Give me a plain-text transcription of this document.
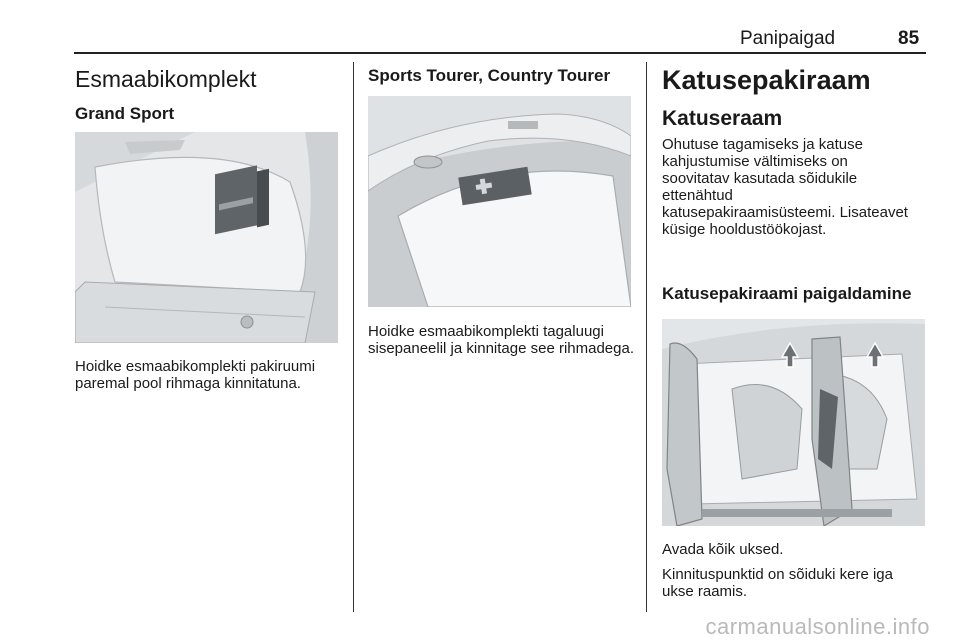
Panipaigad	85
Esmaabikomplekt
Grand Sport

Hoidke esmaabikomplekti pakiruumi paremal pool rihmaga kinnitatuna.

Sports Tourer, Country Tourer

Hoidke esmaabikomplekti tagaluugi sisepaneelil ja kinnitage see rihmadega.

Katusepakiraam
Katuseraam
Ohutuse tagamiseks ja katuse
kahjustumise vältimiseks on
soovitatav kasutada sõidukile
ettenähtud
katusepakiraamisüsteemi. Lisateavet
küsige hooldustöökojast.
Katusepakiraami paigaldamine

Avada kõik uksed.

Kinnituspunktid on sõiduki kere iga
ukse raamis.
carmanualsonline.info
